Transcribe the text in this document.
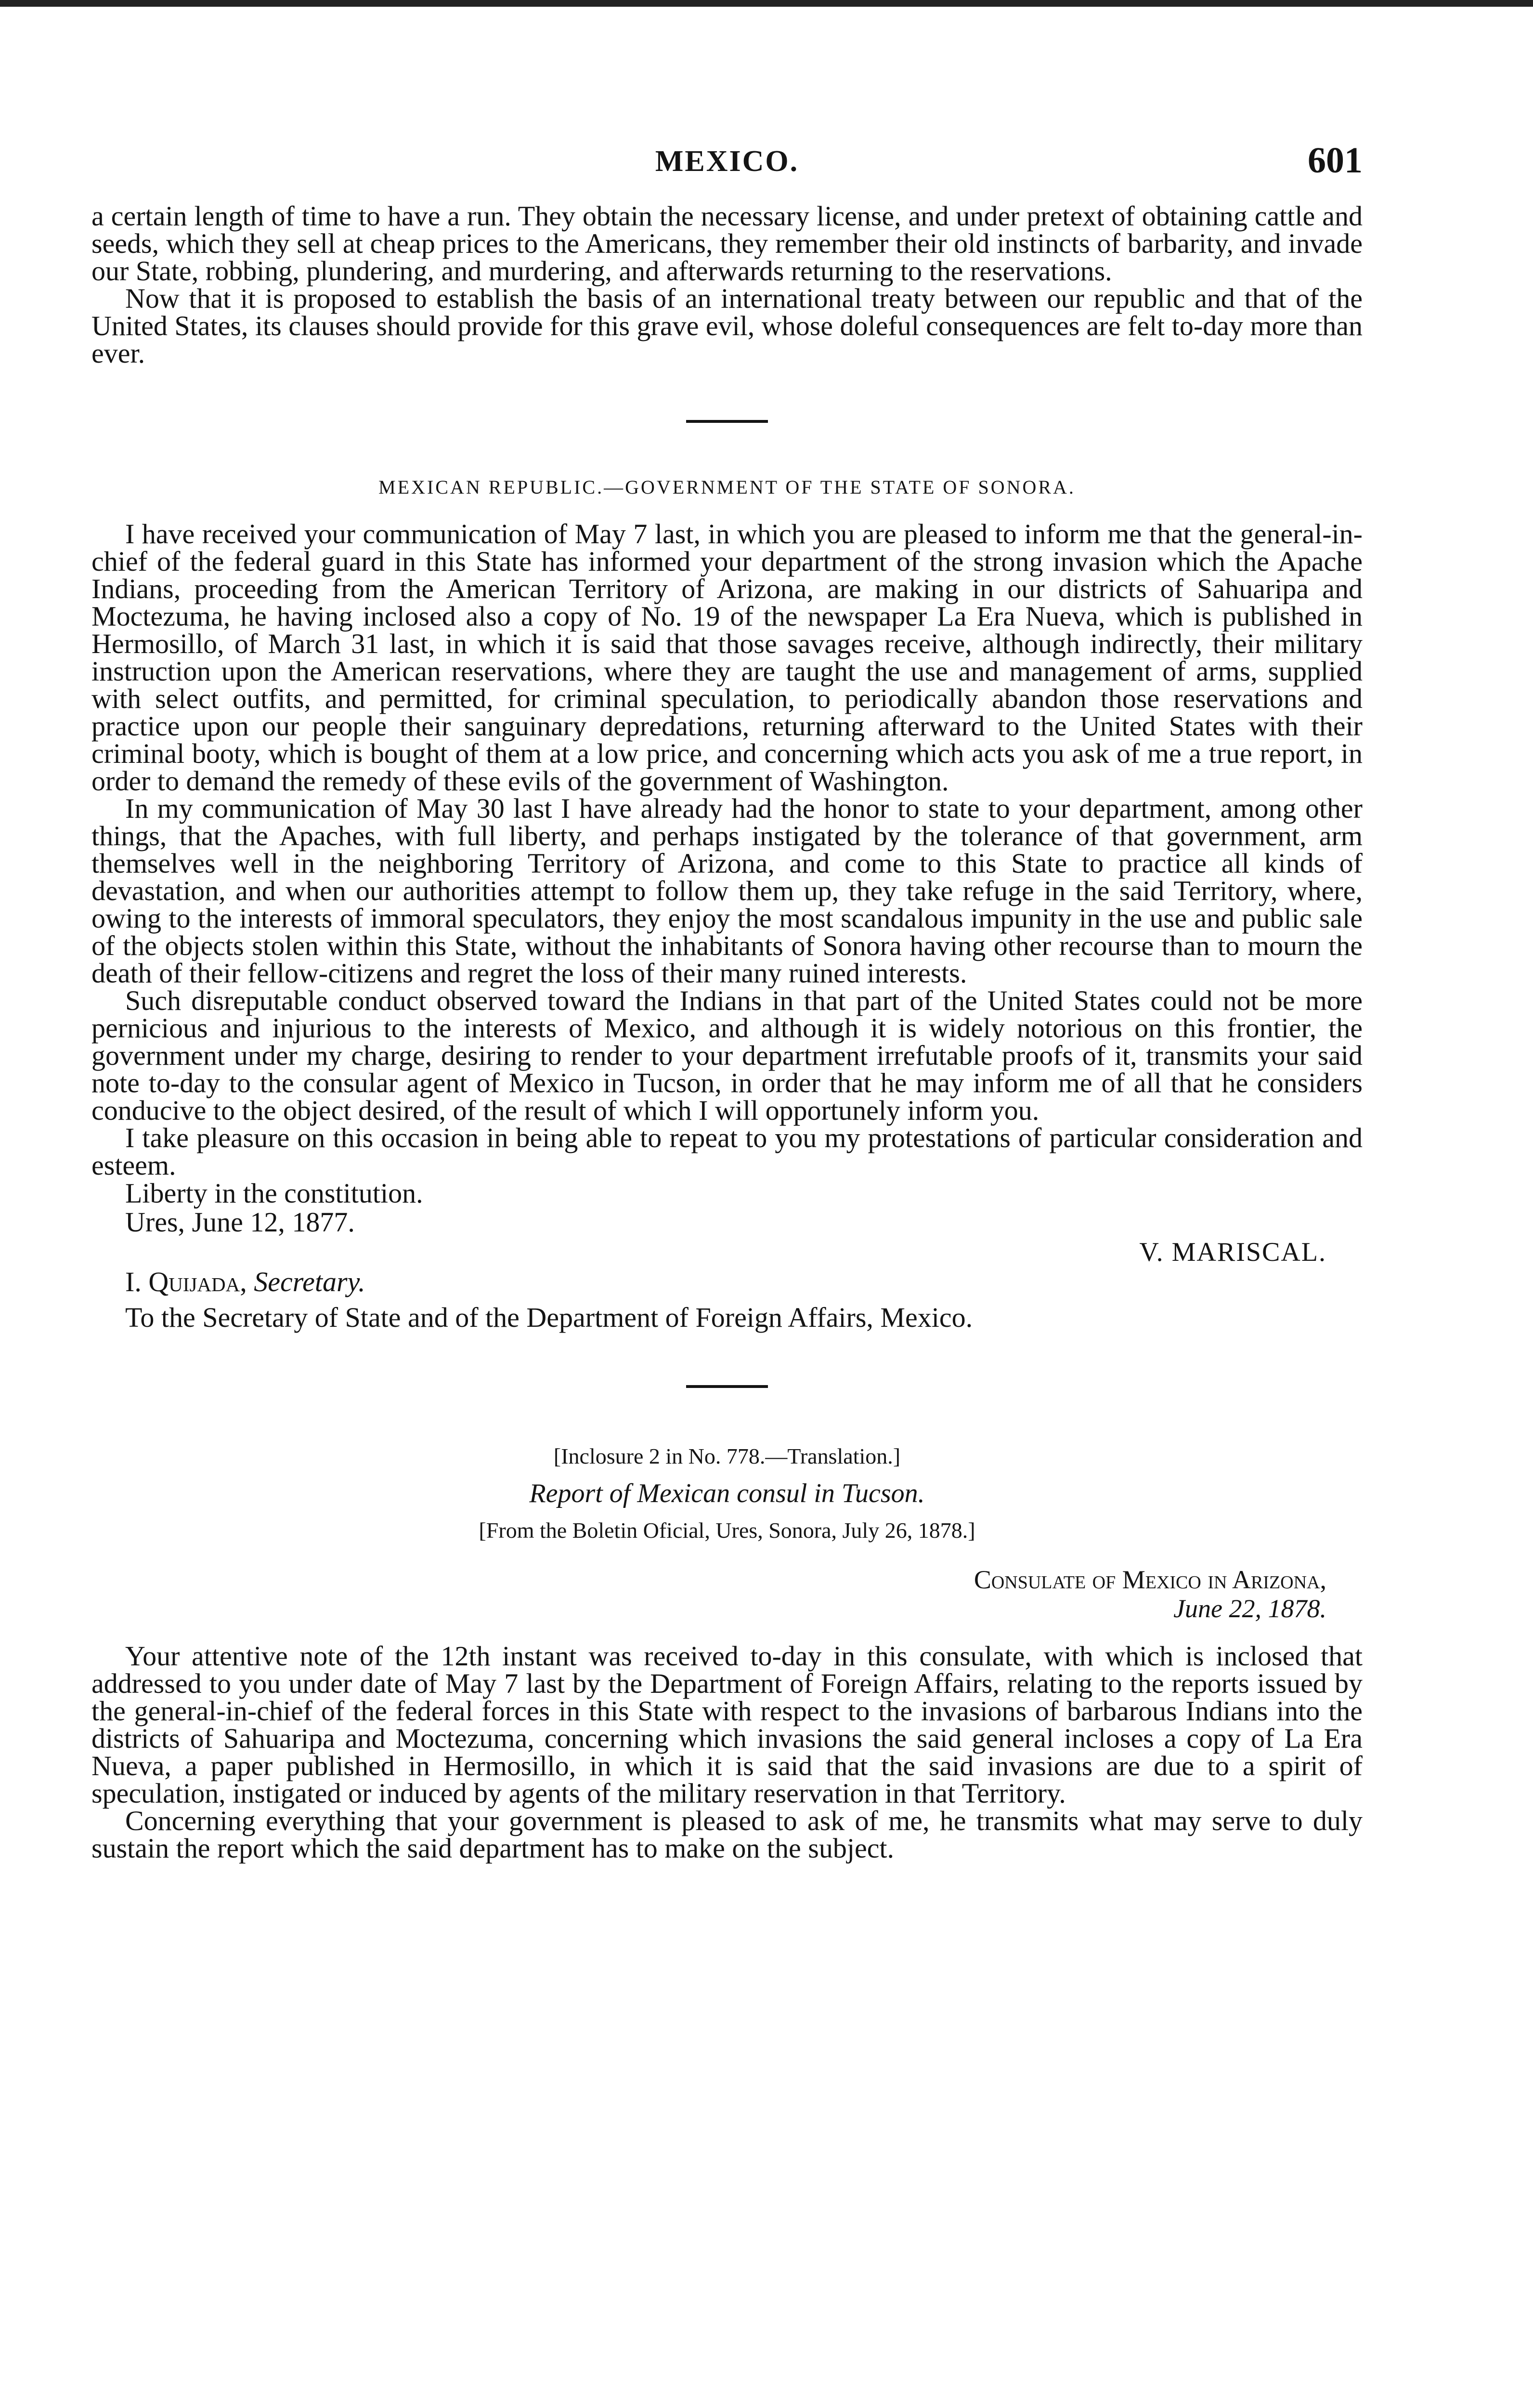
MEXICO.	601

a certain length of time to have a run. They obtain the necessary license, and under pretext of obtaining cattle and seeds, which they sell at cheap prices to the Americans, they remember their old instincts of barbarity, and invade our State, robbing, plundering, and murdering, and afterwards returning to the reservations.

Now that it is proposed to establish the basis of an international treaty between our republic and that of the United States, its clauses should provide for this grave evil, whose doleful consequences are felt to-day more than ever.

MEXICAN REPUBLIC.—GOVERNMENT OF THE STATE OF SONORA.

I have received your communication of May 7 last, in which you are pleased to inform me that the general-in-chief of the federal guard in this State has informed your department of the strong invasion which the Apache Indians, proceeding from the American Territory of Arizona, are making in our districts of Sahuaripa and Moctezuma, he having inclosed also a copy of No. 19 of the newspaper La Era Nueva, which is published in Hermosillo, of March 31 last, in which it is said that those savages receive, although indirectly, their military instruction upon the American reservations, where they are taught the use and management of arms, supplied with select outfits, and permitted, for criminal speculation, to periodically abandon those reservations and practice upon our people their sanguinary depredations, returning afterward to the United States with their criminal booty, which is bought of them at a low price, and concerning which acts you ask of me a true report, in order to demand the remedy of these evils of the government of Washington.

In my communication of May 30 last I have already had the honor to state to your department, among other things, that the Apaches, with full liberty, and perhaps instigated by the tolerance of that government, arm themselves well in the neighboring Territory of Arizona, and come to this State to practice all kinds of devastation, and when our authorities attempt to follow them up, they take refuge in the said Territory, where, owing to the interests of immoral speculators, they enjoy the most scandalous impunity in the use and public sale of the objects stolen within this State, without the inhabitants of Sonora having other recourse than to mourn the death of their fellow-citizens and regret the loss of their many ruined interests.

Such disreputable conduct observed toward the Indians in that part of the United States could not be more pernicious and injurious to the interests of Mexico, and although it is widely notorious on this frontier, the government under my charge, desiring to render to your department irrefutable proofs of it, transmits your said note to-day to the consular agent of Mexico in Tucson, in order that he may inform me of all that he considers conducive to the object desired, of the result of which I will opportunely inform you.

I take pleasure on this occasion in being able to repeat to you my protestations of particular consideration and esteem.

Liberty in the constitution.
Ures, June 12, 1877.
V. MARISCAL.
I. Quijada, Secretary.
To the Secretary of State and of the Department of Foreign Affairs, Mexico.
[Inclosure 2 in No. 778.—Translation.]
Report of Mexican consul in Tucson.
[From the Boletin Oficial, Ures, Sonora, July 26, 1878.]
Consulate of Mexico in Arizona,
June 22, 1878.

Your attentive note of the 12th instant was received to-day in this consulate, with which is inclosed that addressed to you under date of May 7 last by the Department of Foreign Affairs, relating to the reports issued by the general-in-chief of the federal forces in this State with respect to the invasions of barbarous Indians into the districts of Sahuaripa and Moctezuma, concerning which invasions the said general incloses a copy of La Era Nueva, a paper published in Hermosillo, in which it is said that the said invasions are due to a spirit of speculation, instigated or induced by agents of the military reservation in that Territory.

Concerning everything that your government is pleased to ask of me, he transmits what may serve to duly sustain the report which the said department has to make on the subject.
